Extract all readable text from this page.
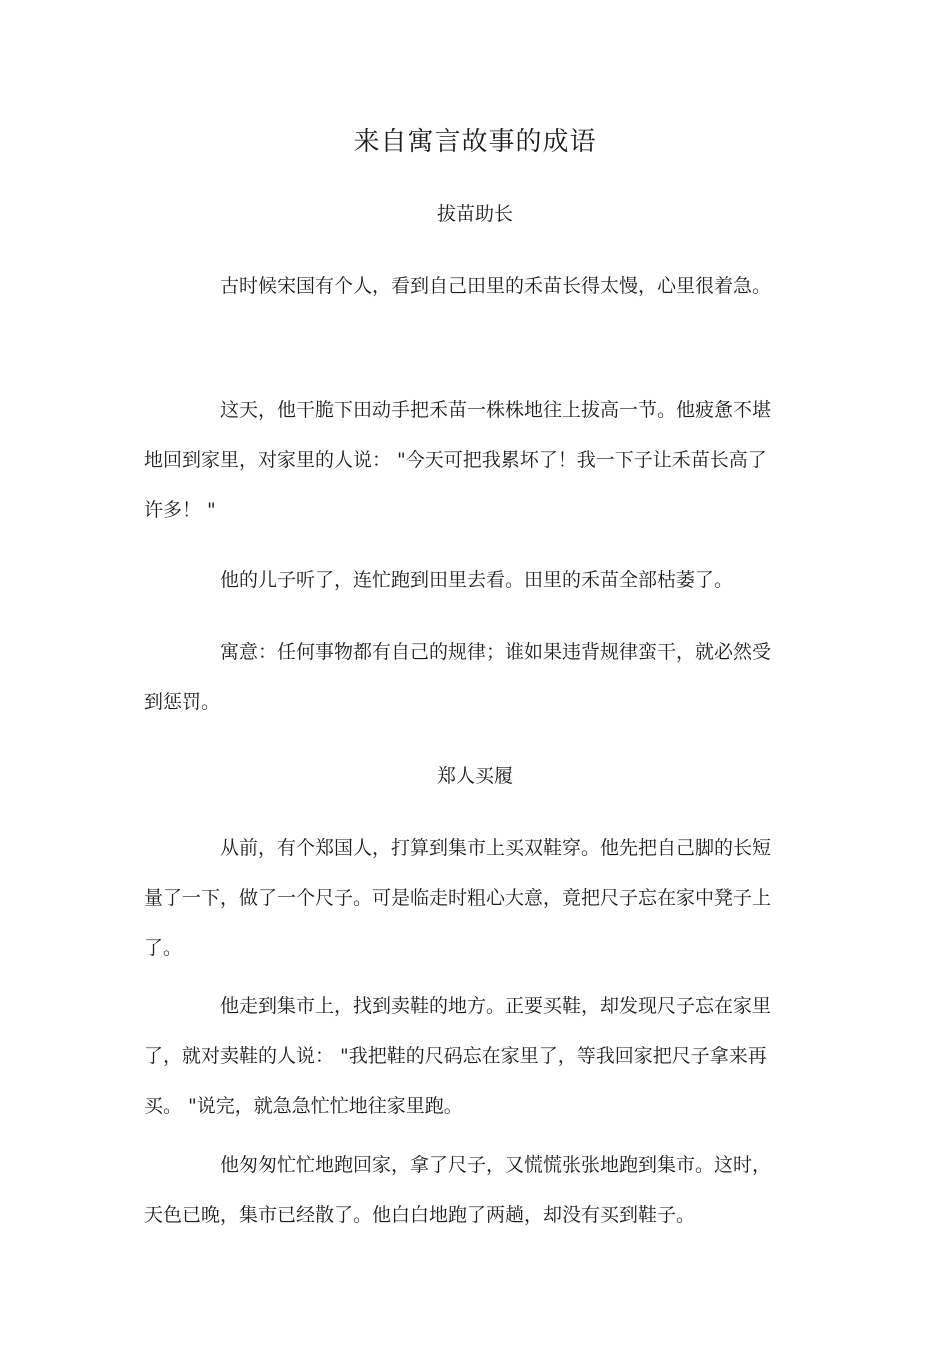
来自寓言故事的成语
拔苗助长

古时候宋国有个人，看到自己田里的禾苗长得太慢，心里很着急。

这天，他干脆下田动手把禾苗一株株地往上拔高一节。他疲惫不堪地回到家里，对家里的人说： "今天可把我累坏了！我一下子让禾苗长高了许多！ "

他的儿子听了，连忙跑到田里去看。田里的禾苗全部枯萎了。

寓意：任何事物都有自己的规律；谁如果违背规律蛮干，就必然受到惩罚。

郑人买履

从前，有个郑国人，打算到集市上买双鞋穿。他先把自己脚的长短量了一下，做了一个尺子。可是临走时粗心大意，竟把尺子忘在家中凳子上了。

他走到集市上，找到卖鞋的地方。正要买鞋，却发现尺子忘在家里了，就对卖鞋的人说： "我把鞋的尺码忘在家里了，等我回家把尺子拿来再买。 "说完，就急急忙忙地往家里跑。

他匆匆忙忙地跑回家，拿了尺子，又慌慌张张地跑到集市。这时，天色已晚，集市已经散了。他白白地跑了两趟，却没有买到鞋子。
